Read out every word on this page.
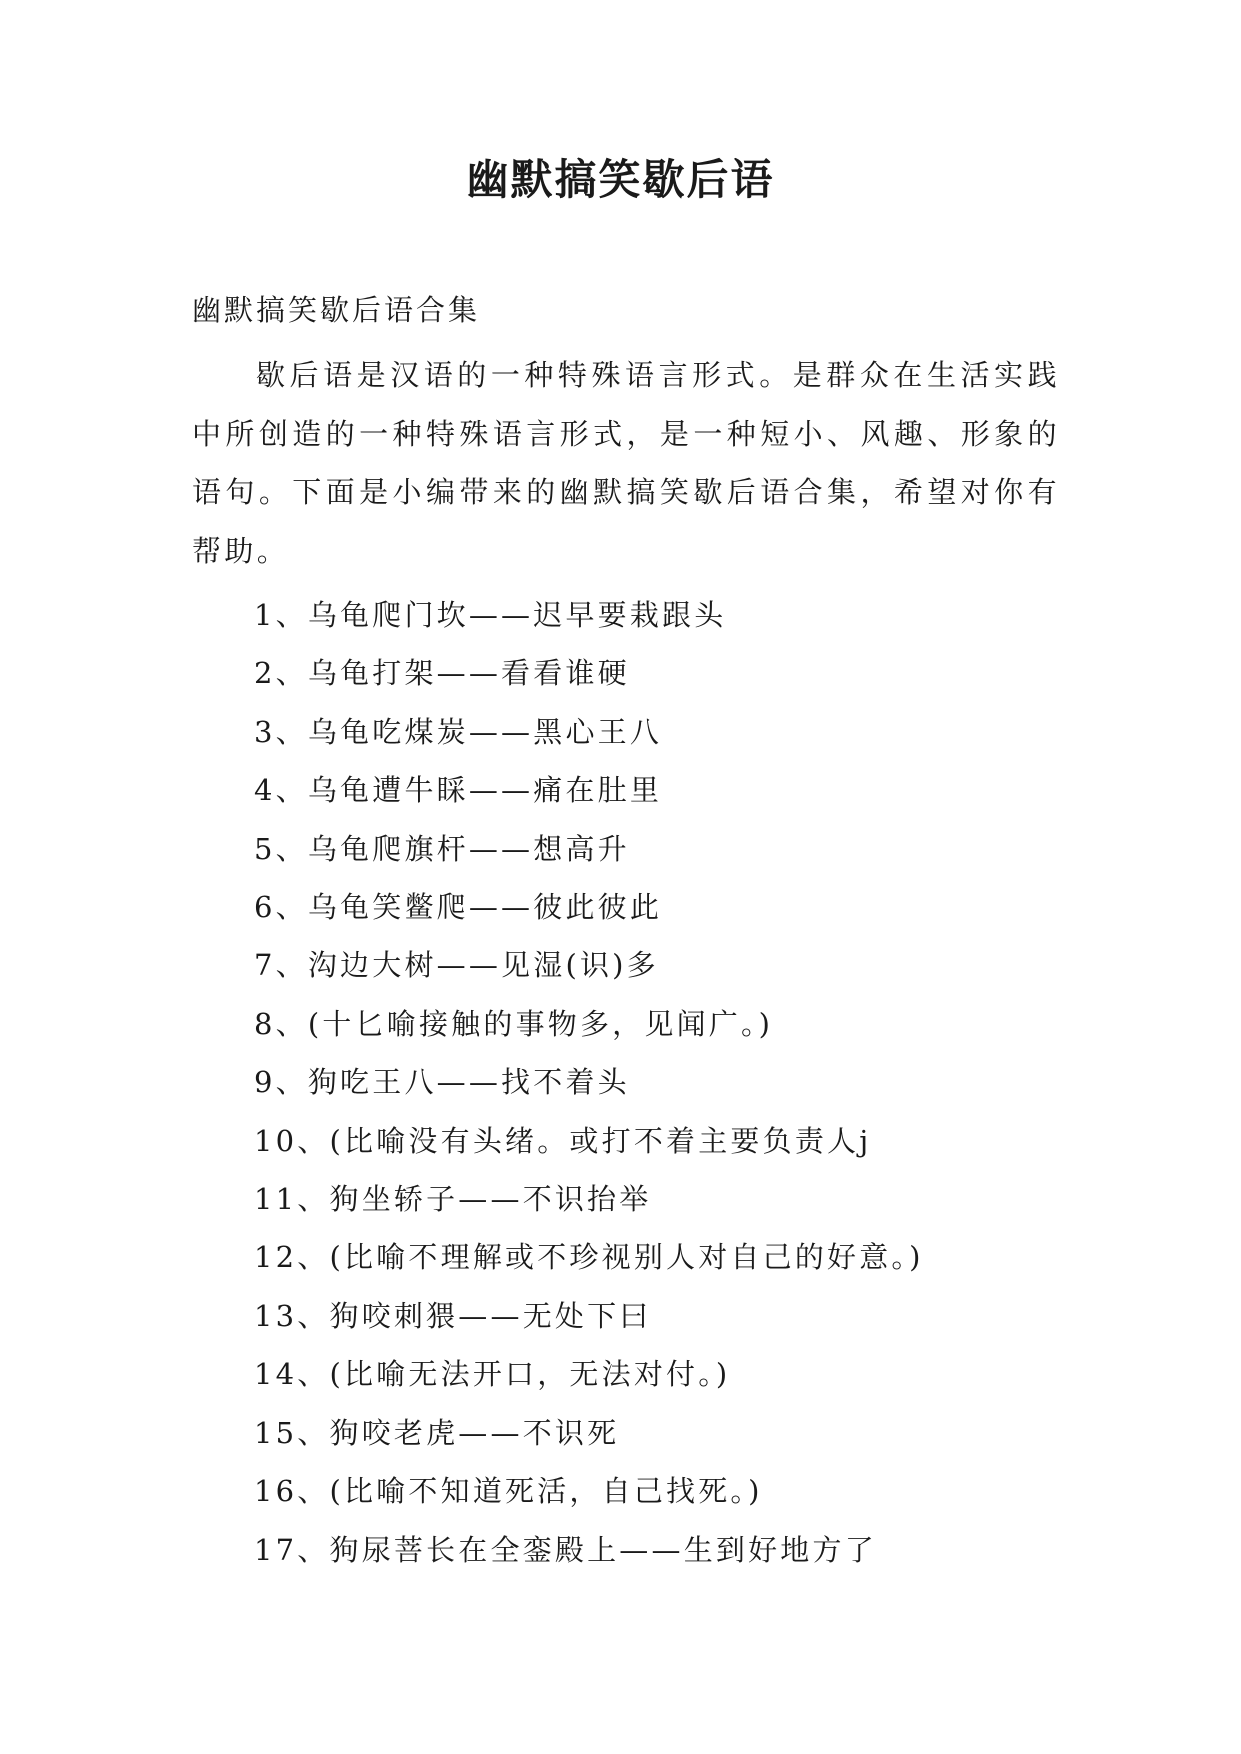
幽默搞笑歇后语

幽默搞笑歇后语合集

歇后语是汉语的一种特殊语言形式。是群众在生活实践中所创造的一种特殊语言形式，是一种短小、风趣、形象的语句。下面是小编带来的幽默搞笑歇后语合集，希望对你有帮助。

1、乌龟爬门坎——迟早要栽跟头
2、乌龟打架——看看谁硬
3、乌龟吃煤炭——黑心王八
4、乌龟遭牛睬——痛在肚里
5、乌龟爬旗杆——想高升
6、乌龟笑鳖爬——彼此彼此
7、沟边大树——见湿(识)多
8、(十匕喻接触的事物多，见闻广。)
9、狗吃王八——找不着头
10、(比喻没有头绪。或打不着主要负责人j
11、狗坐轿子——不识抬举
12、(比喻不理解或不珍视别人对自己的好意。)
13、狗咬刺猥——无处下曰
14、(比喻无法开口，无法对付。)
15、狗咬老虎——不识死
16、(比喻不知道死活，自己找死。)
17、狗尿菩长在全銮殿上——生到好地方了
